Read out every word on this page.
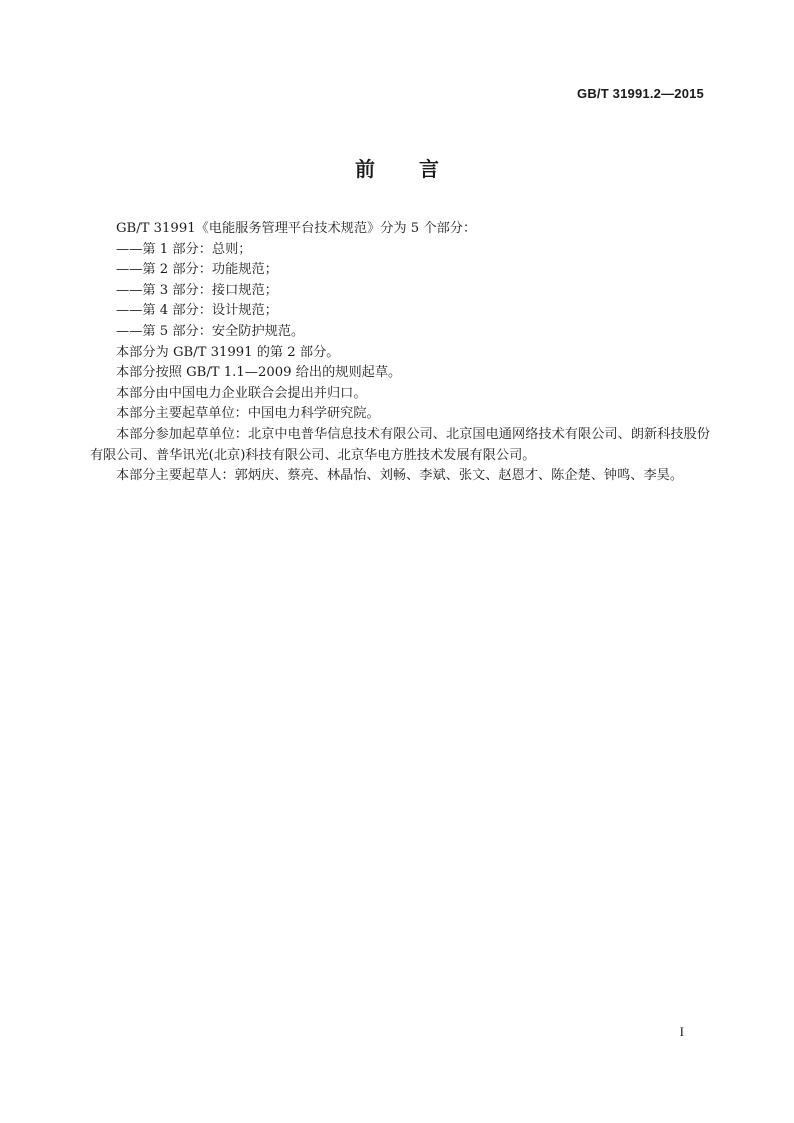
GB/T 31991.2—2015
前言

GB/T 31991《电能服务管理平台技术规范》分为 5 个部分：

——第 1 部分：总则；

——第 2 部分：功能规范；

——第 3 部分：接口规范；

——第 4 部分：设计规范；

——第 5 部分：安全防护规范。

本部分为 GB/T 31991 的第 2 部分。

本部分按照 GB/T 1.1—2009 给出的规则起草。

本部分由中国电力企业联合会提出并归口。

本部分主要起草单位：中国电力科学研究院。

本部分参加起草单位：北京中电普华信息技术有限公司、北京国电通网络技术有限公司、朗新科技股份有限公司、普华讯光(北京)科技有限公司、北京华电方胜技术发展有限公司。

本部分主要起草人：郭炳庆、蔡亮、林晶怡、刘畅、李斌、张文、赵恩才、陈企楚、钟鸣、李昊。

I
